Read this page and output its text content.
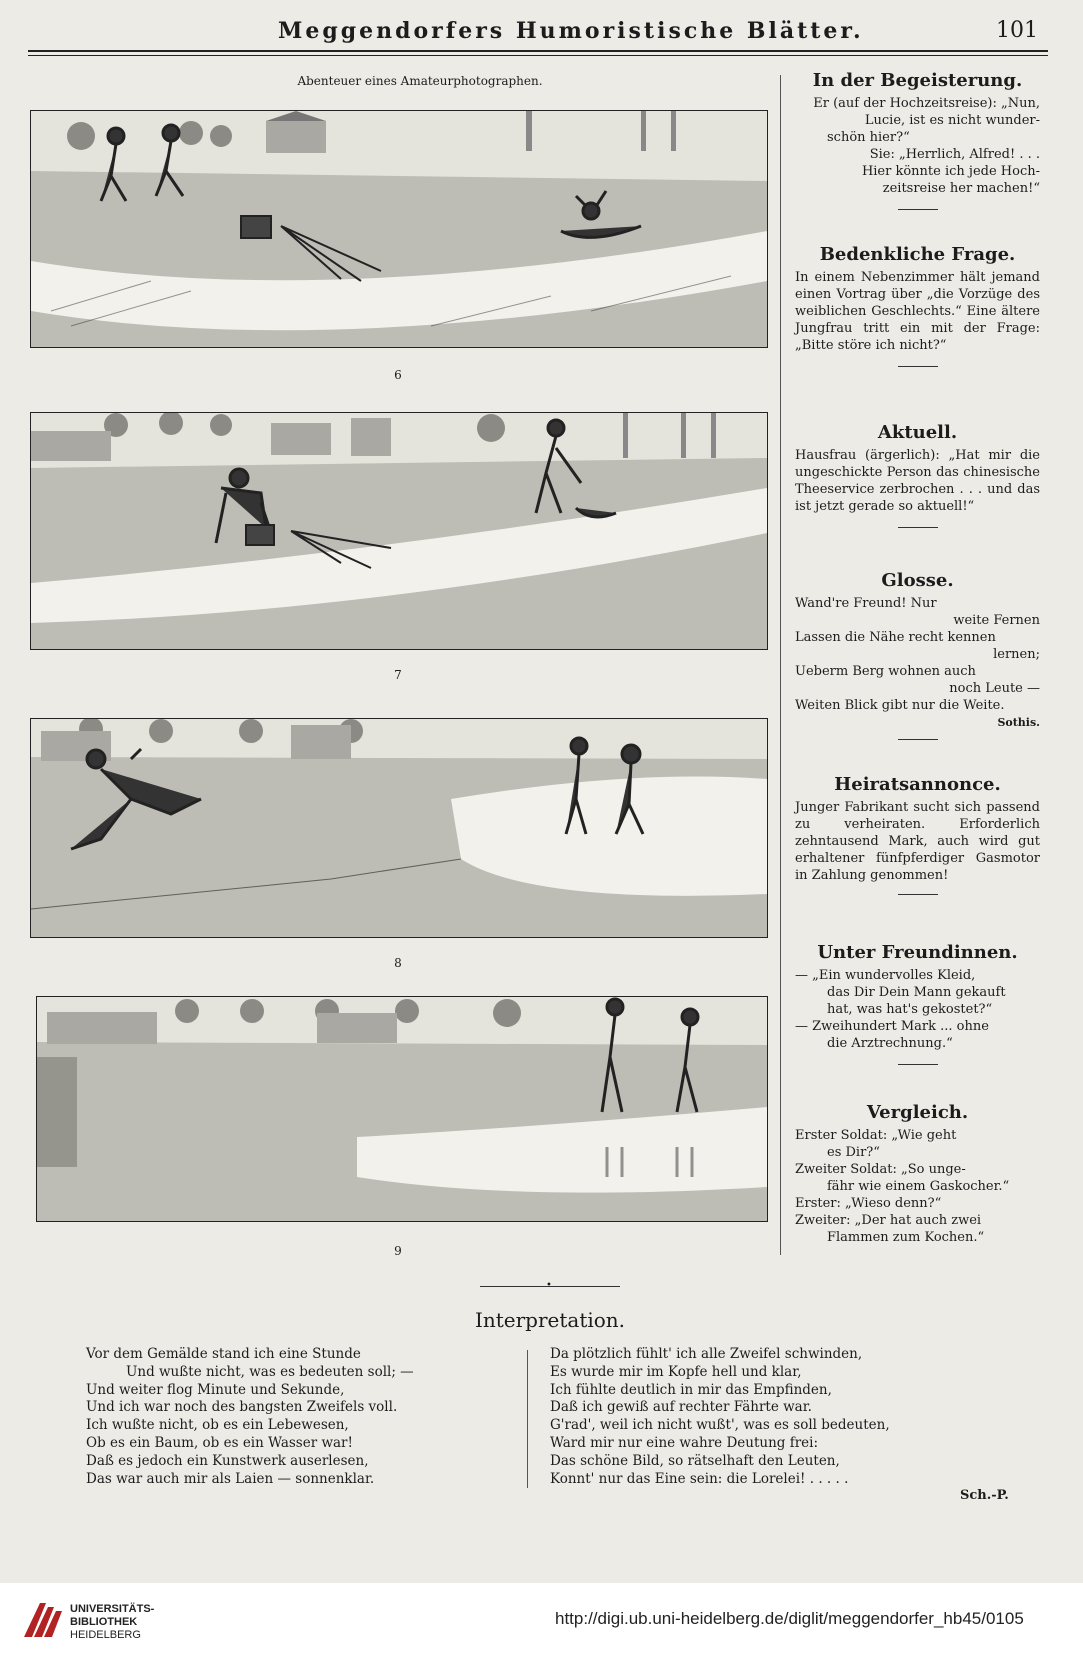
Meggendorfers Humoristische Blätter.	101
Abenteuer eines Amateurphotographen.
6
7
8
9
In der Begeisterung.
Er (auf der Hochzeitsreise): „Nun,
Lucie, ist es nicht wunder-
schön hier?“
Sie: „Herrlich, Alfred! . . .
Hier könnte ich jede Hoch-
zeitsreise her machen!“
Bedenkliche Frage.
In einem Nebenzimmer hält jemand einen Vortrag über „die Vorzüge des weiblichen Geschlechts.“ Eine ältere Jungfrau tritt ein mit der Frage: „Bitte störe ich nicht?“
Aktuell.
Hausfrau (ärgerlich): „Hat mir die ungeschickte Person das chinesische Theeservice zerbrochen . . . und das ist jetzt gerade so aktuell!“
Glosse.
Wand're Freund! Nur
weite Fernen
Lassen die Nähe recht kennen
lernen;
Ueberm Berg wohnen auch
noch Leute —
Weiten Blick gibt nur die Weite.
Sothis.
Heiratsannonce.
Junger Fabrikant sucht sich passend zu verheiraten. Erforderlich zehntausend Mark, auch wird gut erhaltener fünfpferdiger Gasmotor in Zahlung genommen!
Unter Freundinnen.
— „Ein wundervolles Kleid,
das Dir Dein Mann gekauft
hat, was hat's gekostet?“
— Zweihundert Mark ... ohne
die Arztrechnung.“
Vergleich.
Erster Soldat: „Wie geht
es Dir?“
Zweiter Soldat: „So unge-
fähr wie einem Gaskocher.“
Erster: „Wieso denn?“
Zweiter: „Der hat auch zwei
Flammen zum Kochen.“
•
Interpretation.
Vor dem Gemälde stand ich eine Stunde
Und wußte nicht, was es bedeuten soll; —
Und weiter flog Minute und Sekunde,
Und ich war noch des bangsten Zweifels voll.
Ich wußte nicht, ob es ein Lebewesen,
Ob es ein Baum, ob es ein Wasser war!
Daß es jedoch ein Kunstwerk auserlesen,
Das war auch mir als Laien — sonnenklar.
Da plötzlich fühlt' ich alle Zweifel schwinden,
Es wurde mir im Kopfe hell und klar,
Ich fühlte deutlich in mir das Empfinden,
Daß ich gewiß auf rechter Fährte war.
G'rad', weil ich nicht wußt', was es soll bedeuten,
Ward mir nur eine wahre Deutung frei:
Das schöne Bild, so rätselhaft den Leuten,
Konnt' nur das Eine sein: die Lorelei! . . . . .
Sch.-P.
UNIVERSITÄTS-
BIBLIOTHEK
HEIDELBERG
http://digi.ub.uni-heidelberg.de/diglit/meggendorfer_hb45/0105
